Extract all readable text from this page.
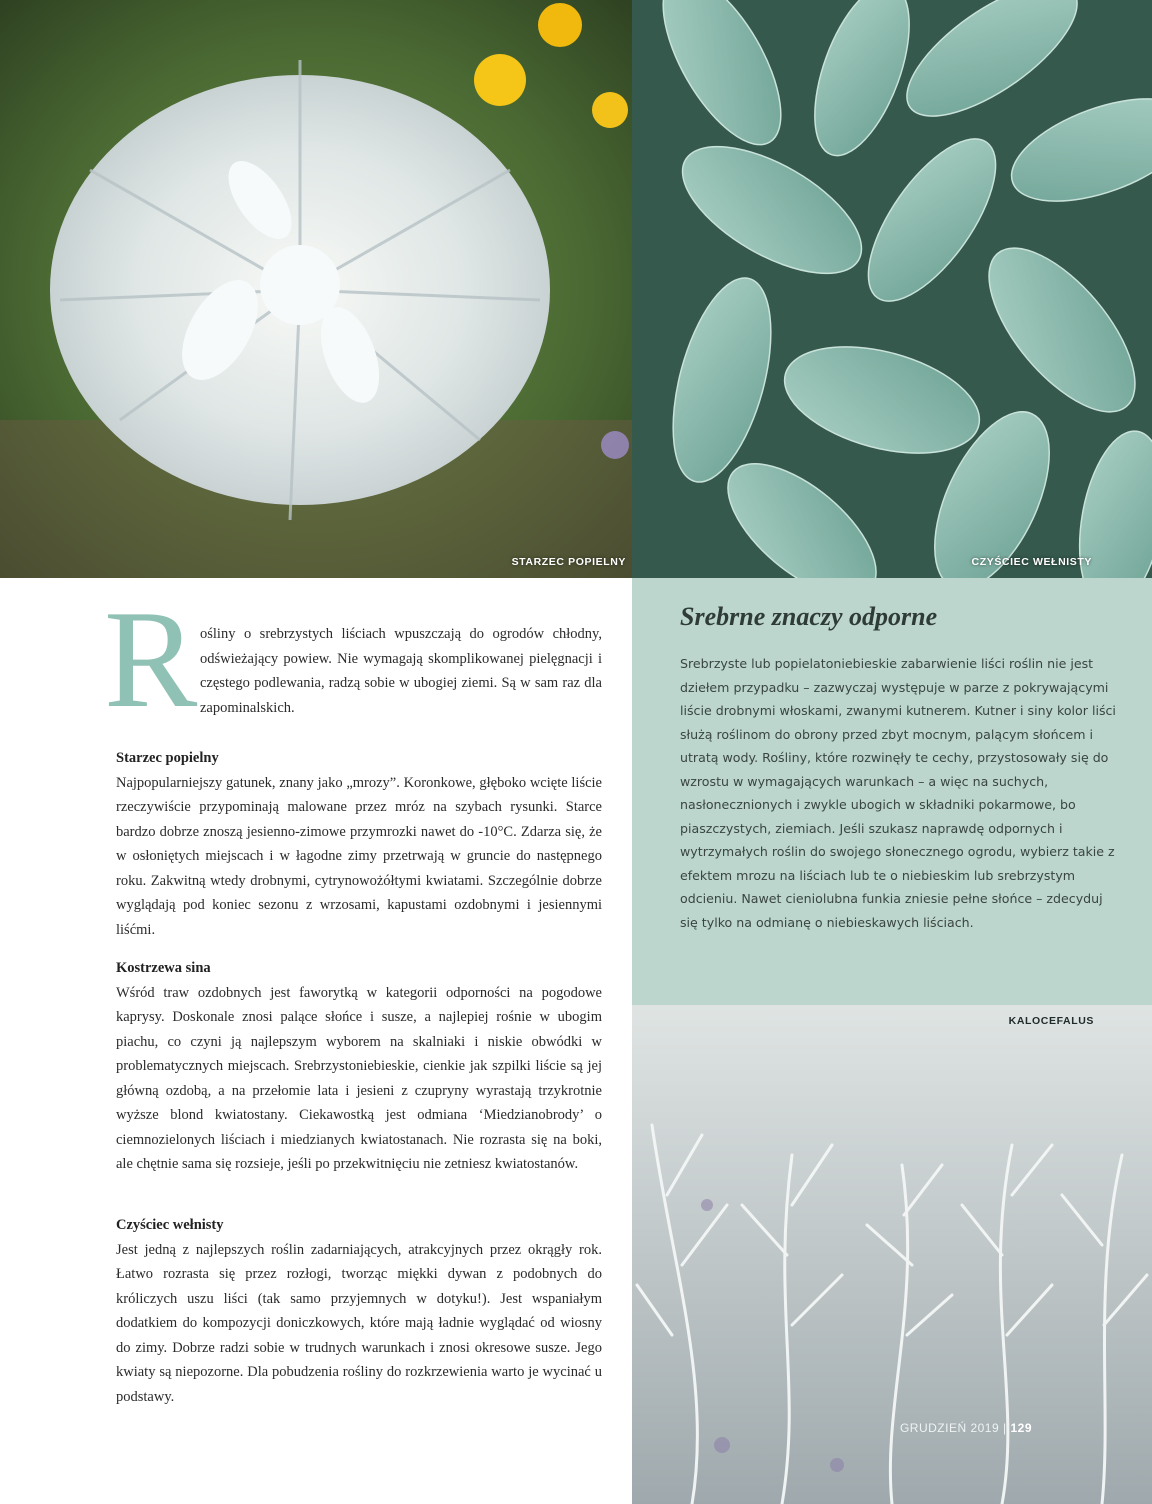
STARZEC POPIELNY	CZYŚCIEC WEŁNISTY
Srebrne znaczy odporne

Srebrzyste lub popielatoniebieskie zabarwienie liści roślin nie jest dziełem przypadku – zazwyczaj występuje w parze z pokrywającymi liście drobnymi włoskami, zwanymi kutnerem. Kutner i siny kolor liści służą roślinom do obrony przed zbyt mocnym, palącym słońcem i utratą wody. Rośliny, które rozwinęły te cechy, przystosowały się do wzrostu w wymagających warunkach – a więc na suchych, nasłonecznionych i zwykle ubogich w składniki pokarmowe, bo piaszczystych, ziemiach. Jeśli szukasz naprawdę odpornych i wytrzymałych roślin do swojego słonecznego ogrodu, wybierz takie z efektem mrozu na liściach lub te o niebieskim lub srebrzystym odcieniu. Nawet cieniolubna funkia zniesie pełne słońce – zdecyduj się tylko na odmianę o niebieskawych liściach.

KALOCEFALUS
R ośliny o srebrzystych liściach wpuszczają do ogrodów chłodny, odświeżający powiew. Nie wymagają skomplikowanej pielęgnacji i częstego podlewania, radzą sobie w ubogiej ziemi. Są w sam raz dla zapominalskich.

Starzec popielny

Najpopularniejszy gatunek, znany jako „mrozy”. Koronkowe, głęboko wcięte liście rzeczywiście przypominają malowane przez mróz na szybach rysunki. Starce bardzo dobrze znoszą jesienno-zimowe przymrozki nawet do -10°C. Zdarza się, że w osłoniętych miejscach i w łagodne zimy przetrwają w gruncie do następnego roku. Zakwitną wtedy drobnymi, cytrynowożółtymi kwiatami. Szczególnie dobrze wyglądają pod koniec sezonu z wrzosami, kapustami ozdobnymi i jesiennymi liśćmi.

Kostrzewa sina

Wśród traw ozdobnych jest faworytką w kategorii odporności na pogodowe kaprysy. Doskonale znosi palące słońce i susze, a najlepiej rośnie w ubogim piachu, co czyni ją najlepszym wyborem na skalniaki i niskie obwódki w problematycznych miejscach. Srebrzystoniebieskie, cienkie jak szpilki liście są jej główną ozdobą, a na przełomie lata i jesieni z czupryny wyrastają trzykrotnie wyższe blond kwiatostany. Ciekawostką jest odmiana ‘Miedzianobrody’ o ciemnozielonych liściach i miedzianych kwiatostanach. Nie rozrasta się na boki, ale chętnie sama się rozsieje, jeśli po przekwitnięciu nie zetniesz kwiatostanów.

Czyściec wełnisty

Jest jedną z najlepszych roślin zadarniających, atrakcyjnych przez okrągły rok. Łatwo rozrasta się przez rozłogi, tworząc miękki dywan z podobnych do króliczych uszu liści (tak samo przyjemnych w dotyku!). Jest wspaniałym dodatkiem do kompozycji doniczkowych, które mają ładnie wyglądać od wiosny do zimy. Dobrze radzi sobie w trudnych warunkach i znosi okresowe susze. Jego kwiaty są niepozorne. Dla pobudzenia rośliny do rozkrzewienia warto je wycinać u podstawy.

GRUDZIEŃ 2019 | 129
